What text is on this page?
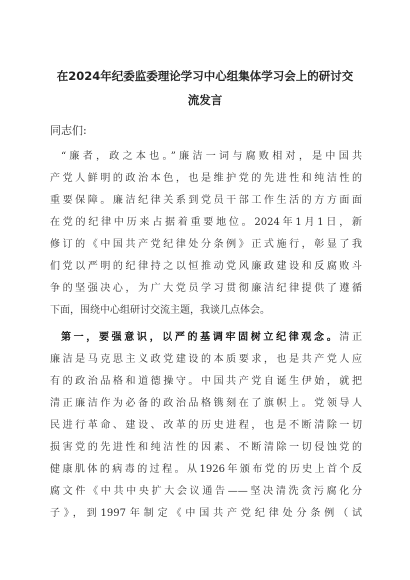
在2024年纪委监委理论学习中心组集体学习会上的研讨交
流发言
同志们:

“廉者，政之本也。”廉洁一词与腐败相对，是中国共

产党人鲜明的政治本色，也是维护党的先进性和纯洁性的

重要保障。廉洁纪律关系到党员干部工作生活的方方面面

在党的纪律中历来占据着重要地位。2024年1月1日，新

修订的《中国共产党纪律处分条例》正式施行，彰显了我

们党以严明的纪律持之以恒推动党风廉政建设和反腐败斗

争的坚强决心，为广大党员学习贯彻廉洁纪律提供了遵循

下面，围绕中心组研讨交流主题，我谈几点体会。

第一，要强意识，以严的基调牢固树立纪律观念。清正

廉洁是马克思主义政党建设的本质要求，也是共产党人应

有的政治品格和道德操守。中国共产党自诞生伊始，就把

清正廉洁作为必备的政治品格镌刻在了旗帜上。党领导人

民进行革命、建设、改革的历史进程，也是不断清除一切

损害党的先进性和纯洁性的因素、不断清除一切侵蚀党的

健康肌体的病毒的过程。从1926年颁布党的历史上首个反

腐文件《中共中央扩大会议通告——坚决清洗贪污腐化分

子》，到1997年制定《中国共产党纪律处分条例（试
